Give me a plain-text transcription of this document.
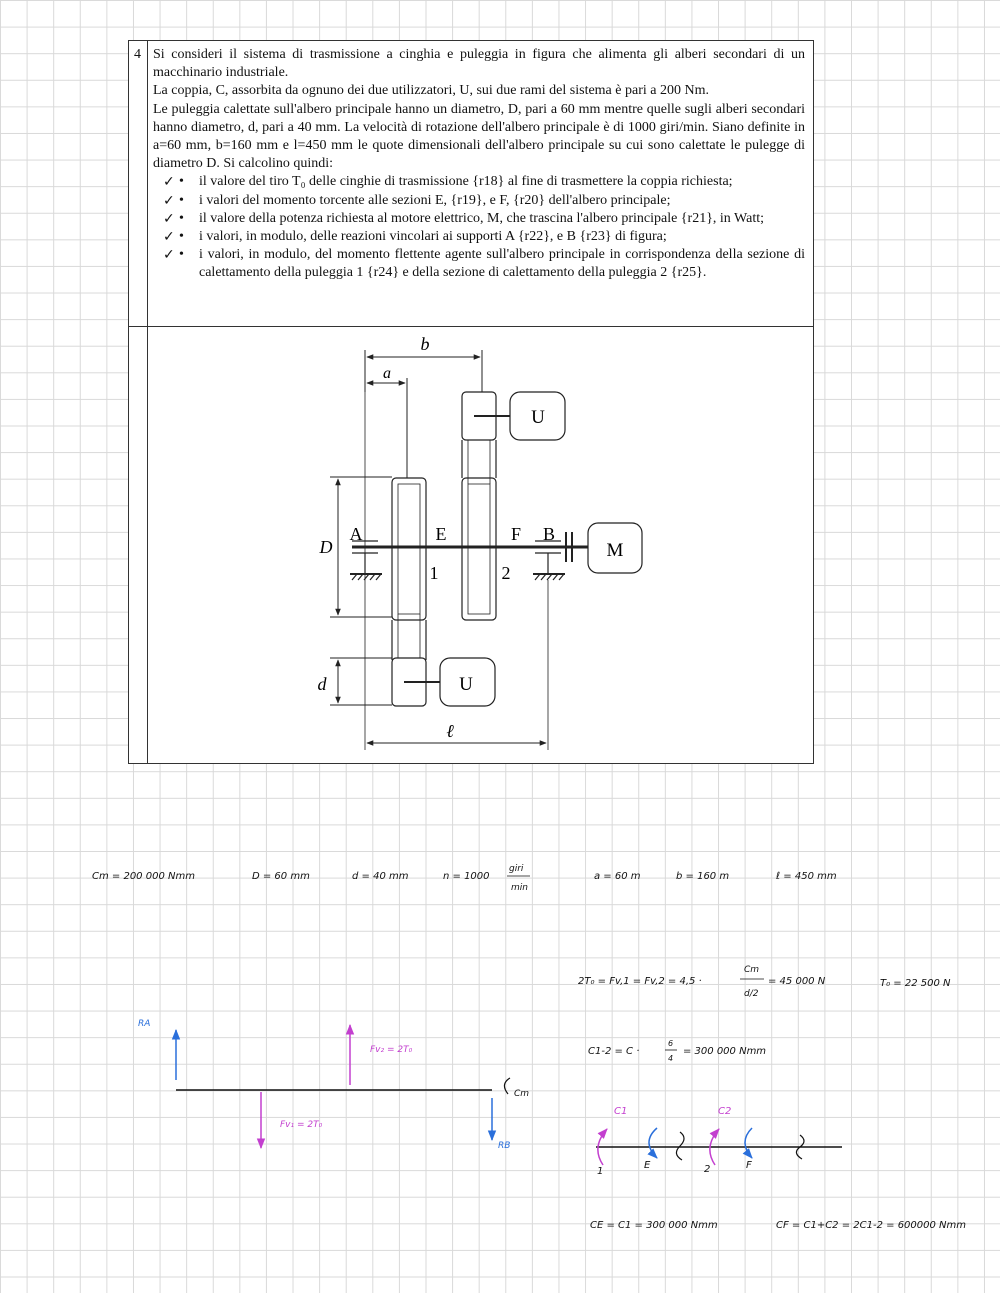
4 Si consideri il sistema di trasmissione a cinghia e puleggia in figura che alimenta gli alberi secondari di un macchinario industriale.

La coppia, C, assorbita da ognuno dei due utilizzatori, U, sui due rami del sistema è pari a 200 Nm.

Le puleggia calettate sull'albero principale hanno un diametro, D, pari a 60 mm mentre quelle sugli alberi secondari hanno diametro, d, pari a 40 mm. La velocità di rotazione dell'albero principale è di 1000 giri/min. Siano definite in a=60 mm, b=160 mm e l=450 mm le quote dimensionali dell'albero principale su cui sono calettate le pulegge di diametro D. Si calcolino quindi:

✓ • il valore del tiro T₀ delle cinghie di trasmissione {r18} al fine di trasmettere la coppia richiesta;

✓ • i valori del momento torcente alle sezioni E, {r19}, e F, {r20} dell'albero principale;

✓ • il valore della potenza richiesta al motore elettrico, M, che trascina l'albero principale {r21}, in Watt;

✓ • i valori, in modulo, delle reazioni vincolari ai supporti A {r22}, e B {r23} di figura;

✓ • i valori, in modulo, del momento flettente agente sull'albero principale in corrispondenza della sezione di calettamento della puleggia 1 {r24} e della sezione di calettamento della puleggia 2 {r25}.

b
a
U
D
U
M
A	E	F B
1	2
d
ℓ
Cm = 200 000 Nmm	D = 60 mm	d = 40 mm	n = 1000
giri
min
a = 60 m	b = 160 m	ℓ = 450 mm
RA
RB
Fv₁ = 2T₀
Fv₂ = 2T₀
Cm
2T₀ = Fv,1 = Fv,2 = 4,5 ·
Cm
d/2
= 45 000 N	T₀ = 22 500 N
C1-2 = C ·
6
4
= 300 000 Nmm
C1	C2
1
E	2	F
CE = C1 = 300 000 Nmm	CF = C1+C2 = 2C1-2 = 600000 Nmm
